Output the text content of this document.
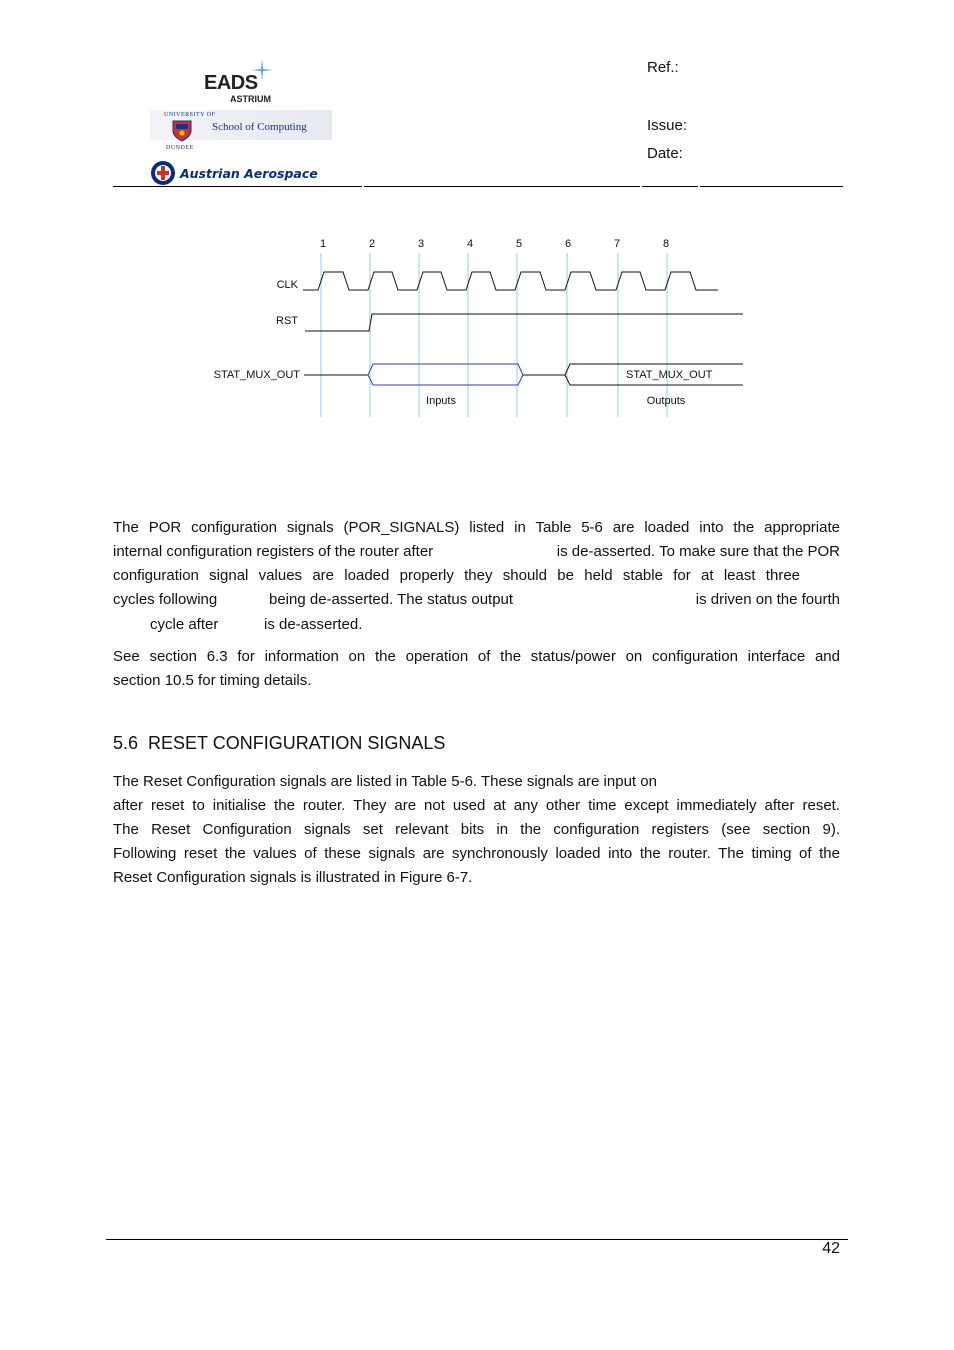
EADS
ASTRIUM
UNIVERSITY OF
School of Computing
DUNDEE
Austrian Aerospace
Ref.:
Issue:
Date:
1	2	3	4	5	6	7	8
CLK
RST
STAT_MUX_OUT	STAT_MUX_OUT
Inputs	Outputs
The POR configuration signals (POR_SIGNALS) listed in Table 5-6 are loaded into the appropriate
internal configuration registers of the router after	is de-asserted. To make sure that the POR
configuration signal values are loaded properly they should be held stable for at least three
cycles following	being de-asserted. The status output	is driven on the fourth
cycle after	is de-asserted.
See section 6.3 for information on the operation of the status/power on configuration interface and
section 10.5 for timing details.
5.6 RESET CONFIGURATION SIGNALS
The Reset Configuration signals are listed in Table 5-6. These signals are input on
after reset to initialise the router. They are not used at any other time except immediately after reset.
The Reset Configuration signals set relevant bits in the configuration registers (see section 9).
Following reset the values of these signals are synchronously loaded into the router. The timing of the
Reset Configuration signals is illustrated in Figure 6-7.
42
